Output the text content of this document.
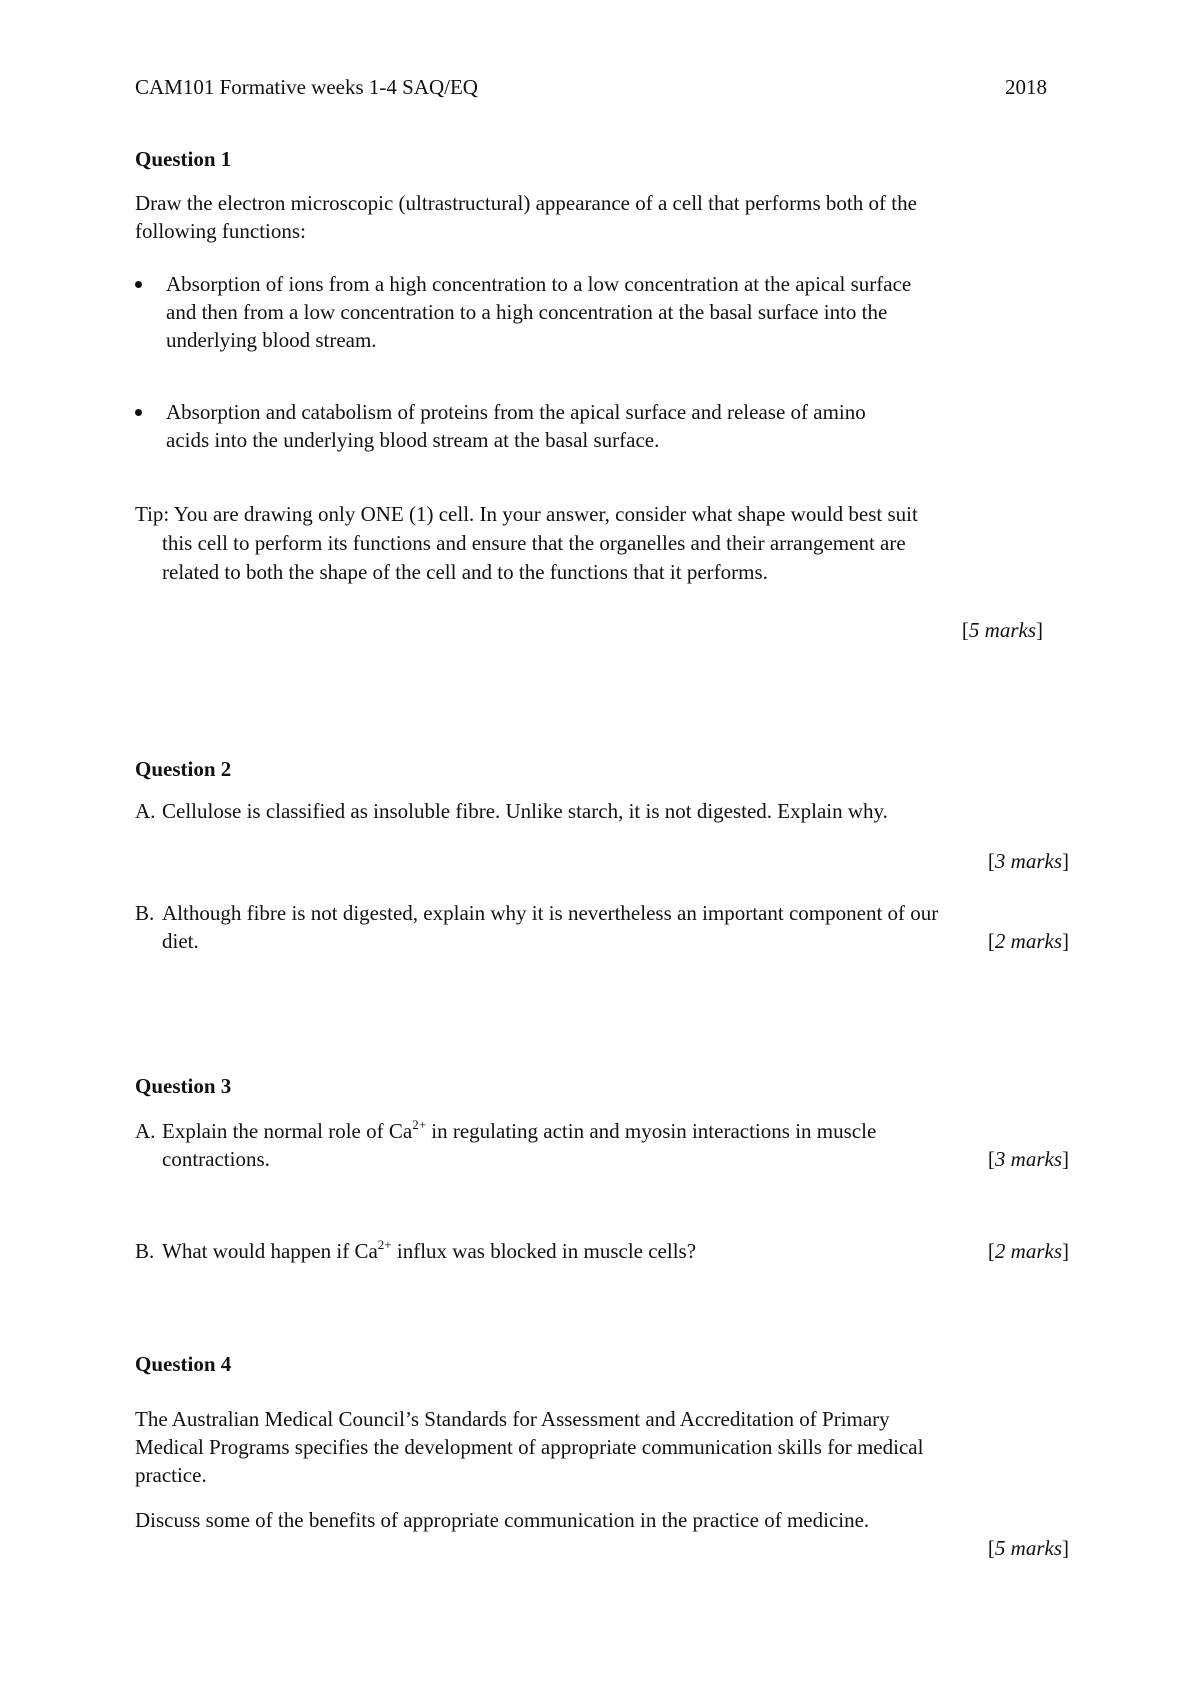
CAM101 Formative weeks 1-4 SAQ/EQ	2018
Question 1
Draw the electron microscopic (ultrastructural) appearance of a cell that performs both of the
following functions:
Absorption of ions from a high concentration to a low concentration at the apical surface
and then from a low concentration to a high concentration at the basal surface into the
underlying blood stream.
Absorption and catabolism of proteins from the apical surface and release of amino
acids into the underlying blood stream at the basal surface.
Tip: You are drawing only ONE (1) cell. In your answer, consider what shape would best suit
this cell to perform its functions and ensure that the organelles and their arrangement are
related to both the shape of the cell and to the functions that it performs.
[5 marks]
Question 2
A. Cellulose is classified as insoluble fibre. Unlike starch, it is not digested. Explain why.
[3 marks]
B. Although fibre is not digested, explain why it is nevertheless an important component of our
diet.	[2 marks]
Question 3
A. Explain the normal role of $Ca^{2+}$ in regulating actin and myosin interactions in muscle
contractions.	[3 marks]
B. What would happen if $Ca^{2+}$ influx was blocked in muscle cells?	[2 marks]
Question 4
The Australian Medical Council’s Standards for Assessment and Accreditation of Primary
Medical Programs specifies the development of appropriate communication skills for medical
practice.
Discuss some of the benefits of appropriate communication in the practice of medicine.
[5 marks]
